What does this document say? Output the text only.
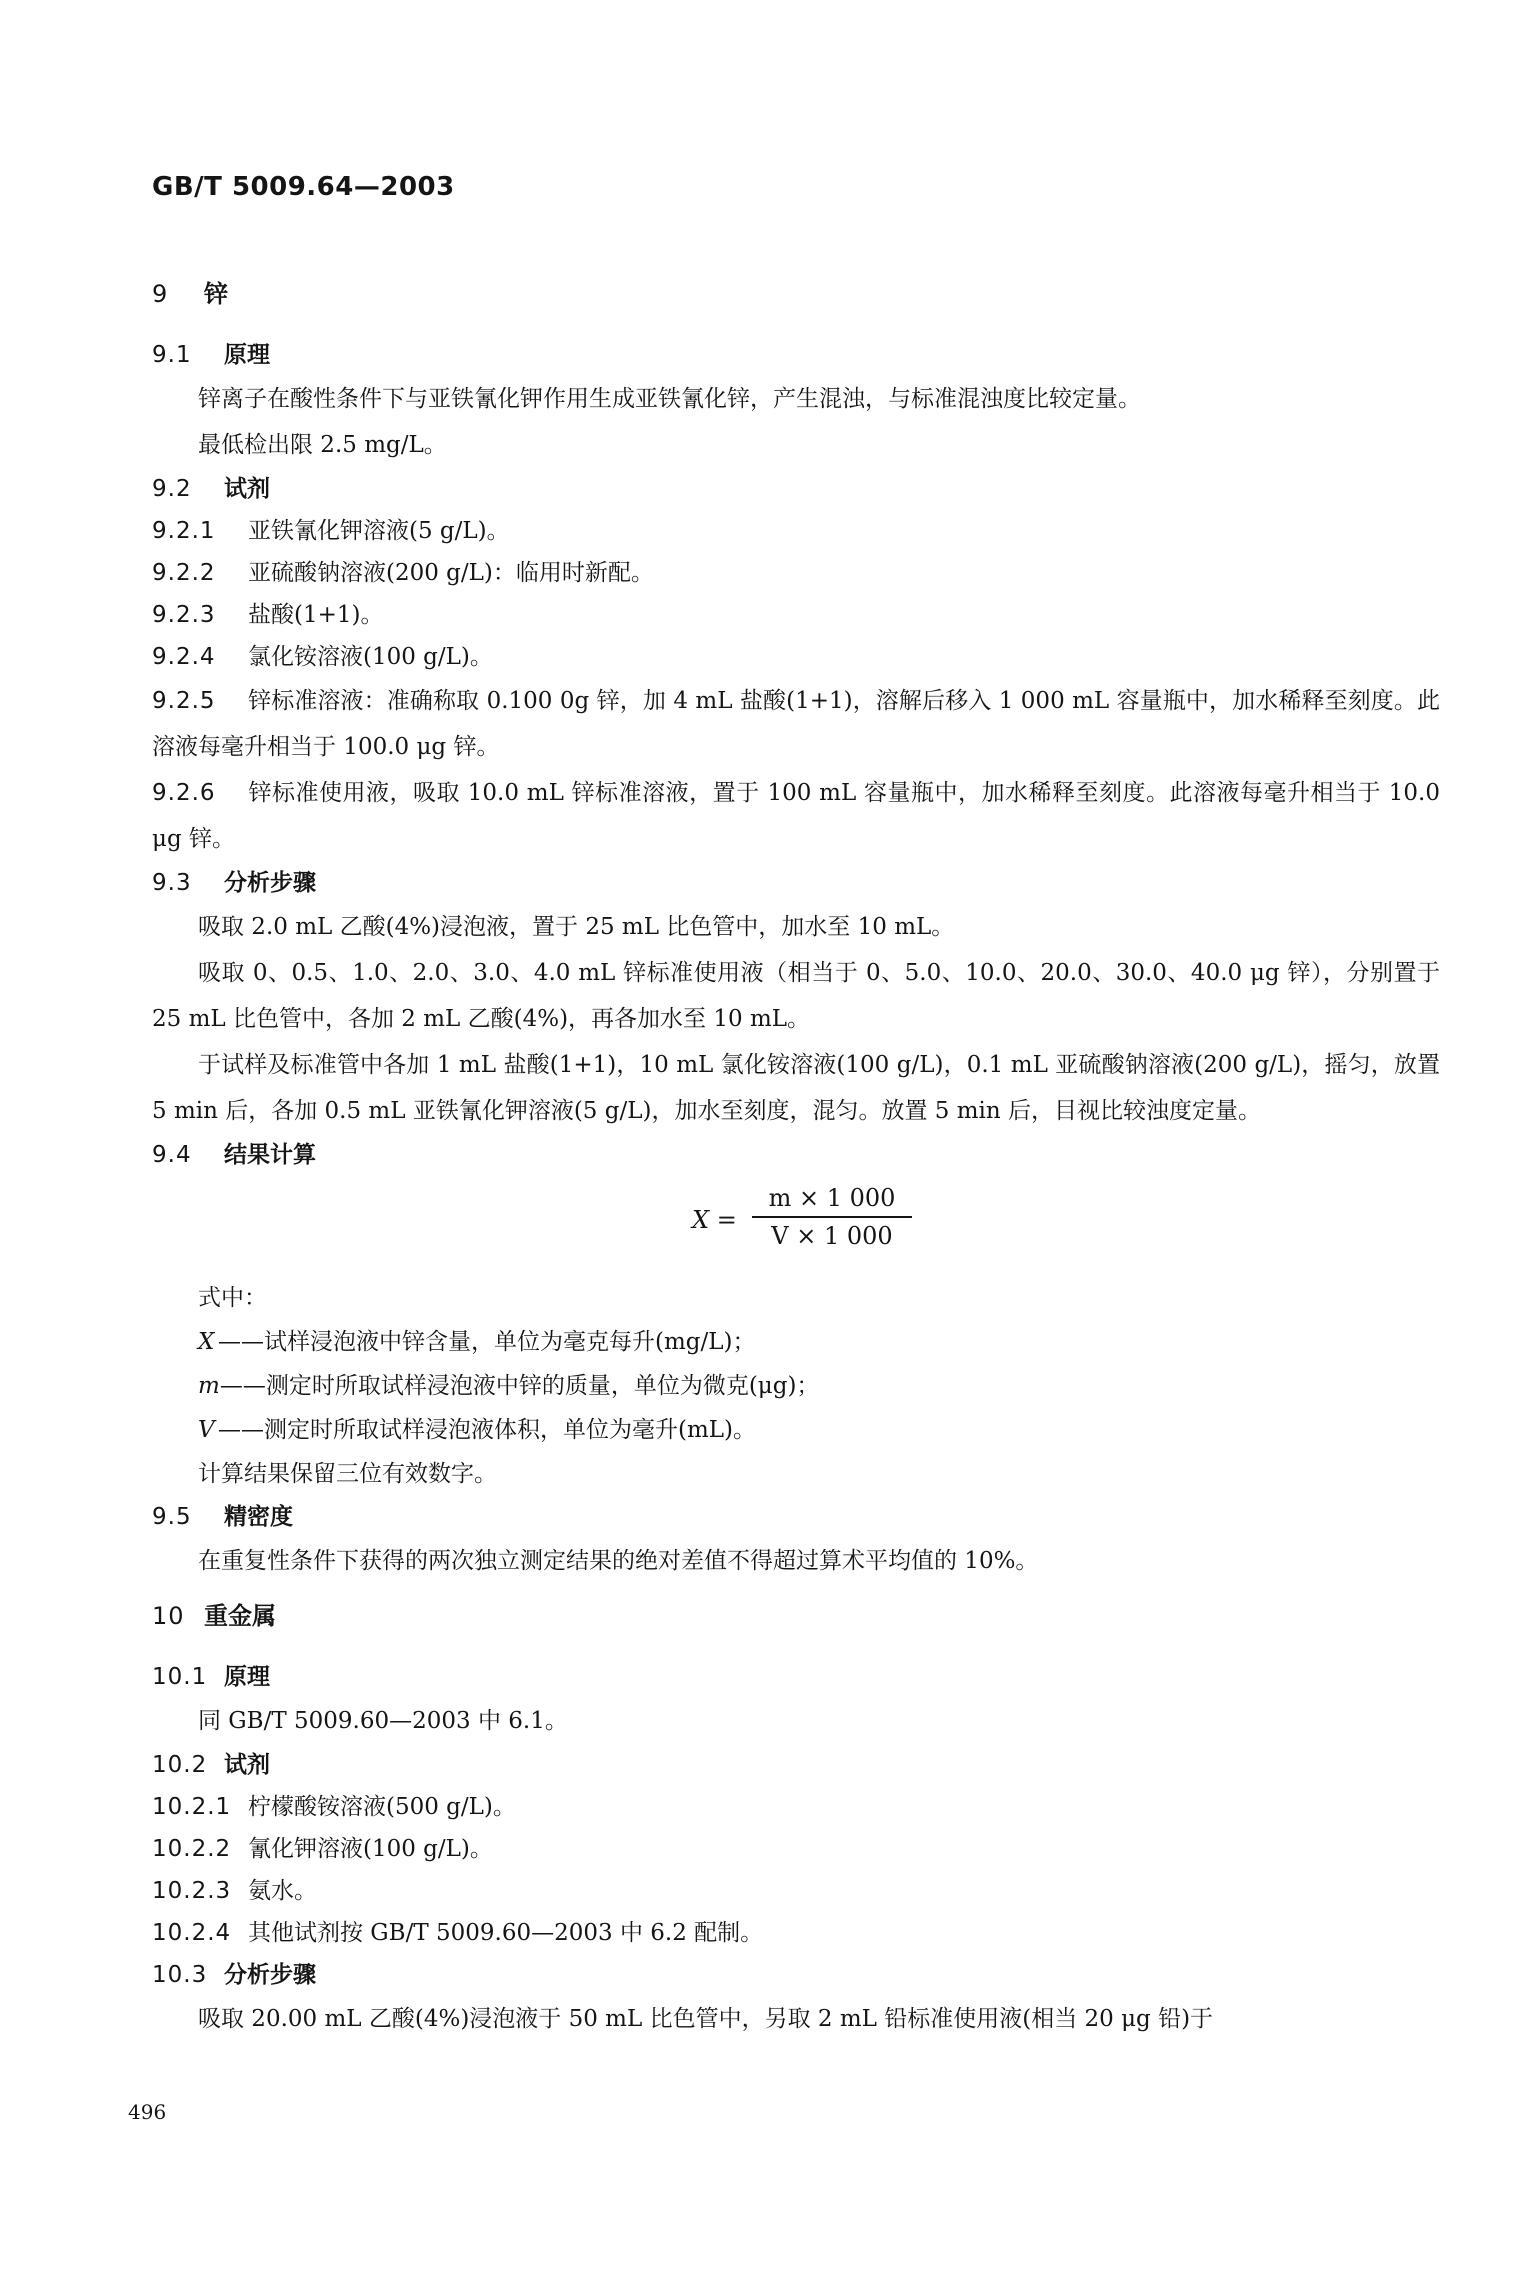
GB/T 5009.64—2003
9 锌
9.1 原理
锌离子在酸性条件下与亚铁氰化钾作用生成亚铁氰化锌，产生混浊，与标准混浊度比较定量。
最低检出限 2.5 mg/L。
9.2 试剂
9.2.1 亚铁氰化钾溶液(5 g/L)。
9.2.2 亚硫酸钠溶液(200 g/L)：临用时新配。
9.2.3 盐酸(1+1)。
9.2.4 氯化铵溶液(100 g/L)。
9.2.5 锌标准溶液：准确称取 0.100 0g 锌，加 4 mL 盐酸(1+1)，溶解后移入 1 000 mL 容量瓶中，加水稀释至刻度。此溶液每毫升相当于 100.0 μg 锌。
9.2.6 锌标准使用液，吸取 10.0 mL 锌标准溶液，置于 100 mL 容量瓶中，加水稀释至刻度。此溶液每毫升相当于 10.0 μg 锌。
9.3 分析步骤
吸取 2.0 mL 乙酸(4%)浸泡液，置于 25 mL 比色管中，加水至 10 mL。
吸取 0、0.5、1.0、2.0、3.0、4.0 mL 锌标准使用液（相当于 0、5.0、10.0、20.0、30.0、40.0 μg 锌），分别置于 25 mL 比色管中，各加 2 mL 乙酸(4%)，再各加水至 10 mL。
于试样及标准管中各加 1 mL 盐酸(1+1)，10 mL 氯化铵溶液(100 g/L)，0.1 mL 亚硫酸钠溶液(200 g/L)，摇匀，放置 5 min 后，各加 0.5 mL 亚铁氰化钾溶液(5 g/L)，加水至刻度，混匀。放置 5 min 后，目视比较浊度定量。
9.4 结果计算
X =
m × 1 000
V × 1 000
式中：
X ——试样浸泡液中锌含量，单位为毫克每升(mg/L)；
m——测定时所取试样浸泡液中锌的质量，单位为微克(μg)；
V ——测定时所取试样浸泡液体积，单位为毫升(mL)。
计算结果保留三位有效数字。
9.5 精密度
在重复性条件下获得的两次独立测定结果的绝对差值不得超过算术平均值的 10%。
10 重金属
10.1 原理
同 GB/T 5009.60—2003 中 6.1。
10.2 试剂
10.2.1 柠檬酸铵溶液(500 g/L)。
10.2.2 氰化钾溶液(100 g/L)。
10.2.3 氨水。
10.2.4 其他试剂按 GB/T 5009.60—2003 中 6.2 配制。
10.3 分析步骤
吸取 20.00 mL 乙酸(4%)浸泡液于 50 mL 比色管中，另取 2 mL 铅标准使用液(相当 20 μg 铅)于
496
